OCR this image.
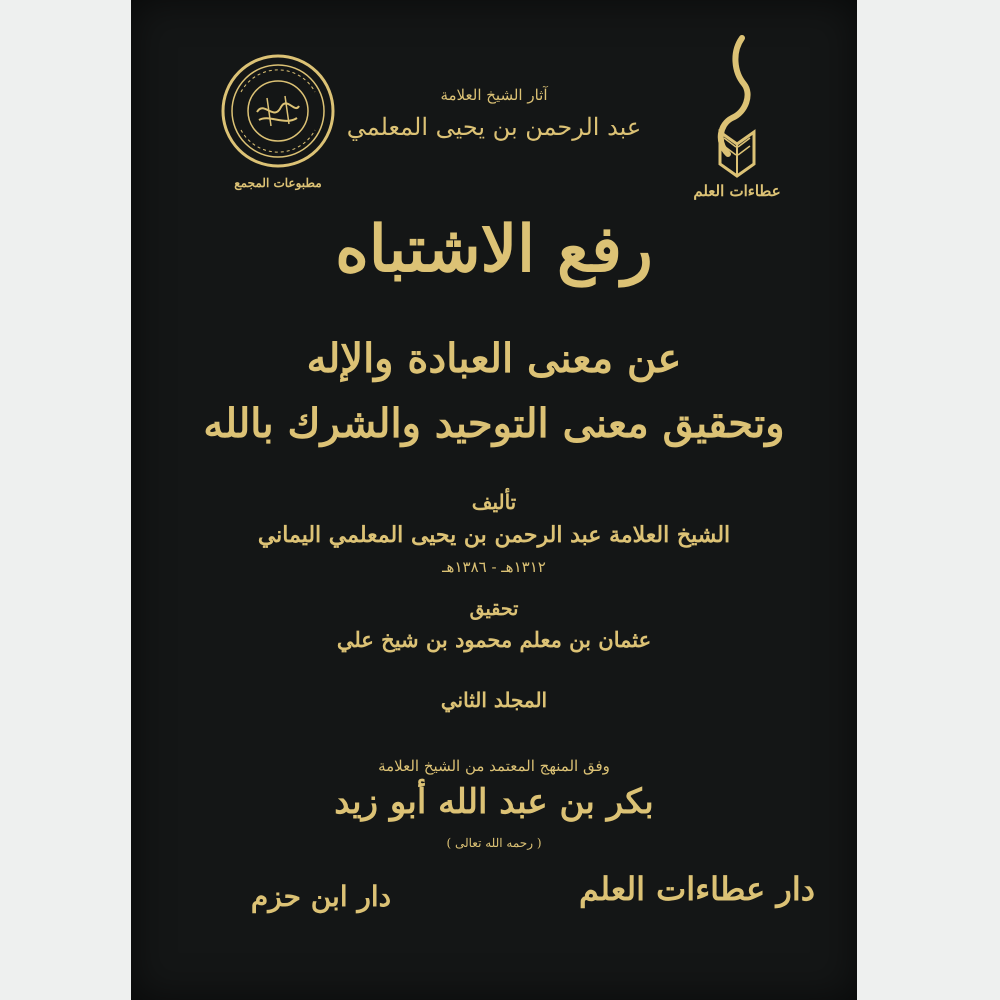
عطاءات العلم
مطبوعات المجمع
آثار الشيخ العلامة
عبد الرحمن بن يحيى المعلمي
رفع الاشتباه
عن معنى العبادة والإله
وتحقيق معنى التوحيد والشرك بالله
تأليف
الشيخ العلامة عبد الرحمن بن يحيى المعلمي اليماني
١٣١٢هـ - ١٣٨٦هـ
تحقيق
عثمان بن معلم محمود بن شيخ علي
المجلد الثاني
وفق المنهج المعتمد من الشيخ العلامة
بكر بن عبد الله أبو زيد
( رحمه الله تعالى )
دار عطاءات العلم
دار ابن حزم
